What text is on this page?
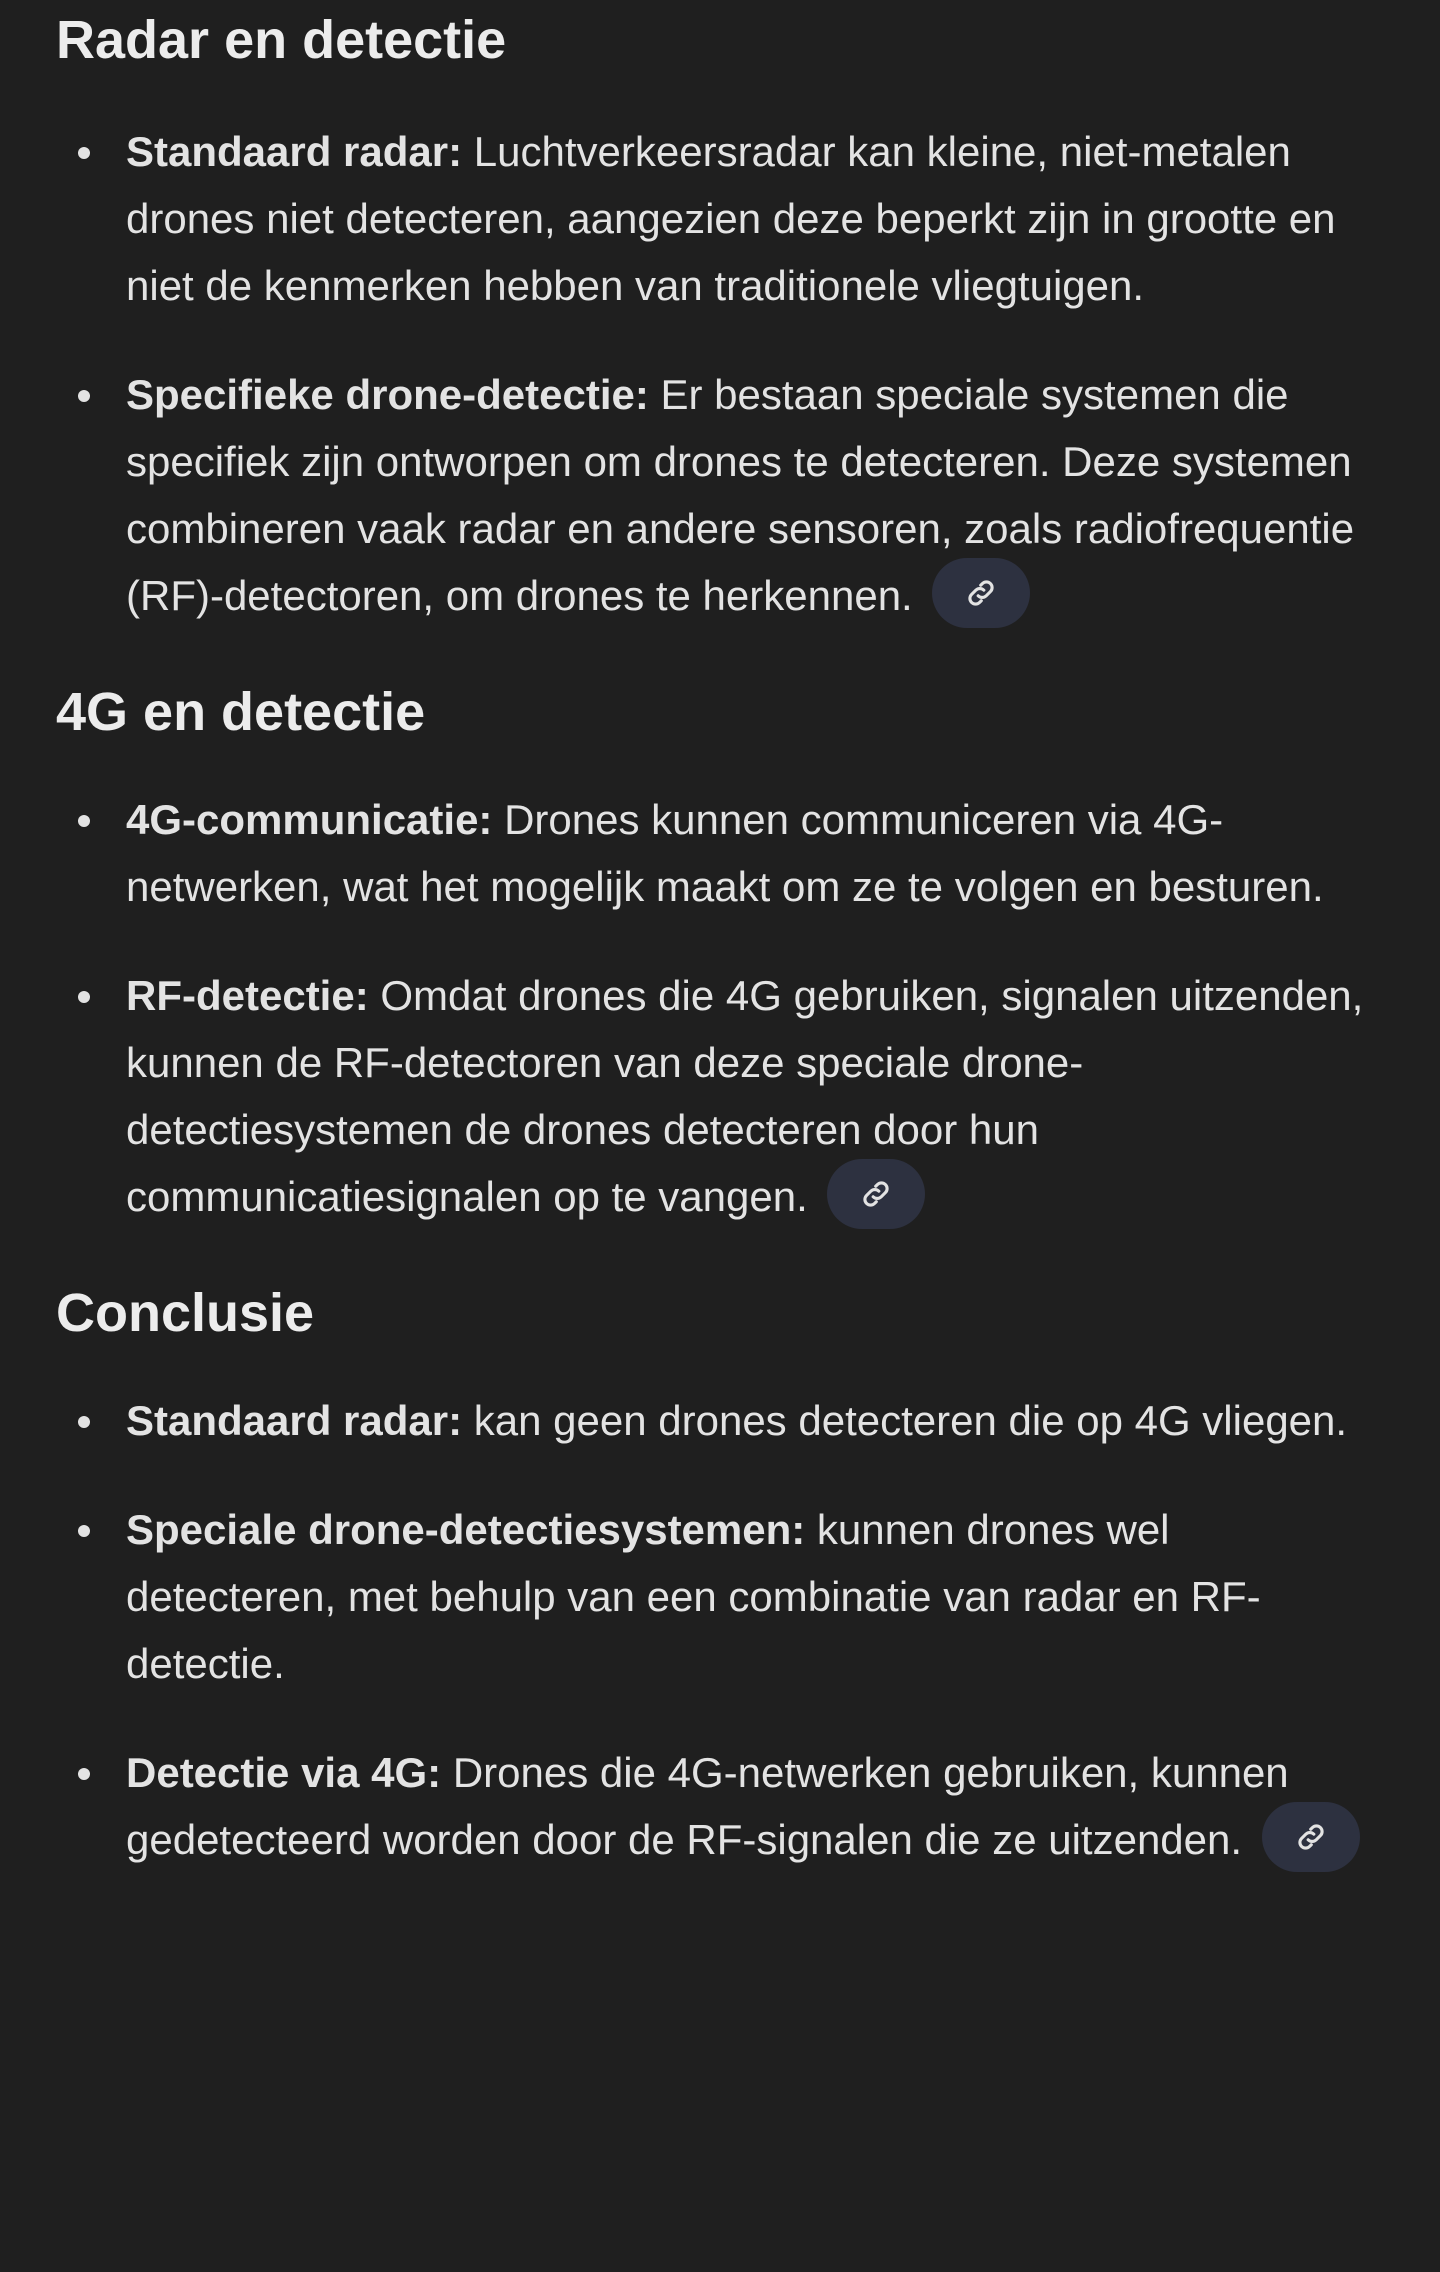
Radar en detectie
Standaard radar: Luchtverkeersradar kan kleine, niet-metalen drones niet detecteren, aangezien deze beperkt zijn in grootte en niet de kenmerken hebben van traditionele vliegtuigen.
Specifieke drone-detectie: Er bestaan speciale systemen die specifiek zijn ontworpen om drones te detecteren. Deze systemen combineren vaak radar en andere sensoren, zoals radiofrequentie (RF)-detectoren, om drones te herkennen.
4G en detectie
4G-communicatie: Drones kunnen communiceren via 4G-netwerken, wat het mogelijk maakt om ze te volgen en besturen.
RF-detectie: Omdat drones die 4G gebruiken, signalen uitzenden, kunnen de RF-detectoren van deze speciale drone-detectiesystemen de drones detecteren door hun communicatiesignalen op te vangen.
Conclusie
Standaard radar: kan geen drones detecteren die op 4G vliegen.
Speciale drone-detectiesystemen: kunnen drones wel detecteren, met behulp van een combinatie van radar en RF-detectie.
Detectie via 4G: Drones die 4G-netwerken gebruiken, kunnen gedetecteerd worden door de RF-signalen die ze uitzenden.
